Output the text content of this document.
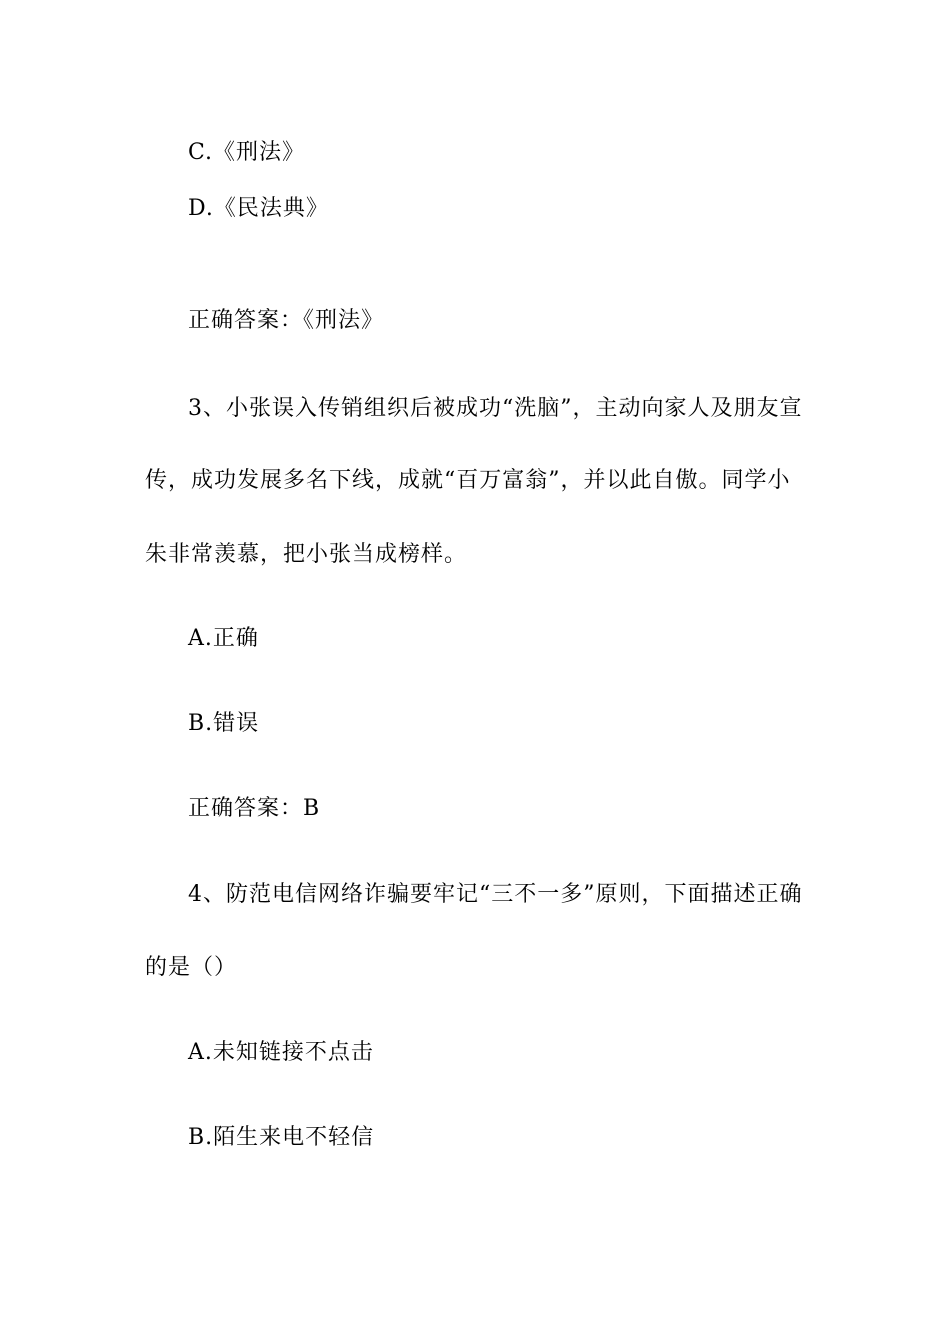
C.《刑法》
D.《民法典》
正确答案：《刑法》
3、小张误入传销组织后被成功“洗脑”，主动向家人及朋友宣
传，成功发展多名下线，成就“百万富翁”，并以此自傲。同学小
朱非常羡慕，把小张当成榜样。
A.正确
B.错误
正确答案：B
4、防范电信网络诈骗要牢记“三不一多”原则，下面描述正确
的是（）
A.未知链接不点击
B.陌生来电不轻信
